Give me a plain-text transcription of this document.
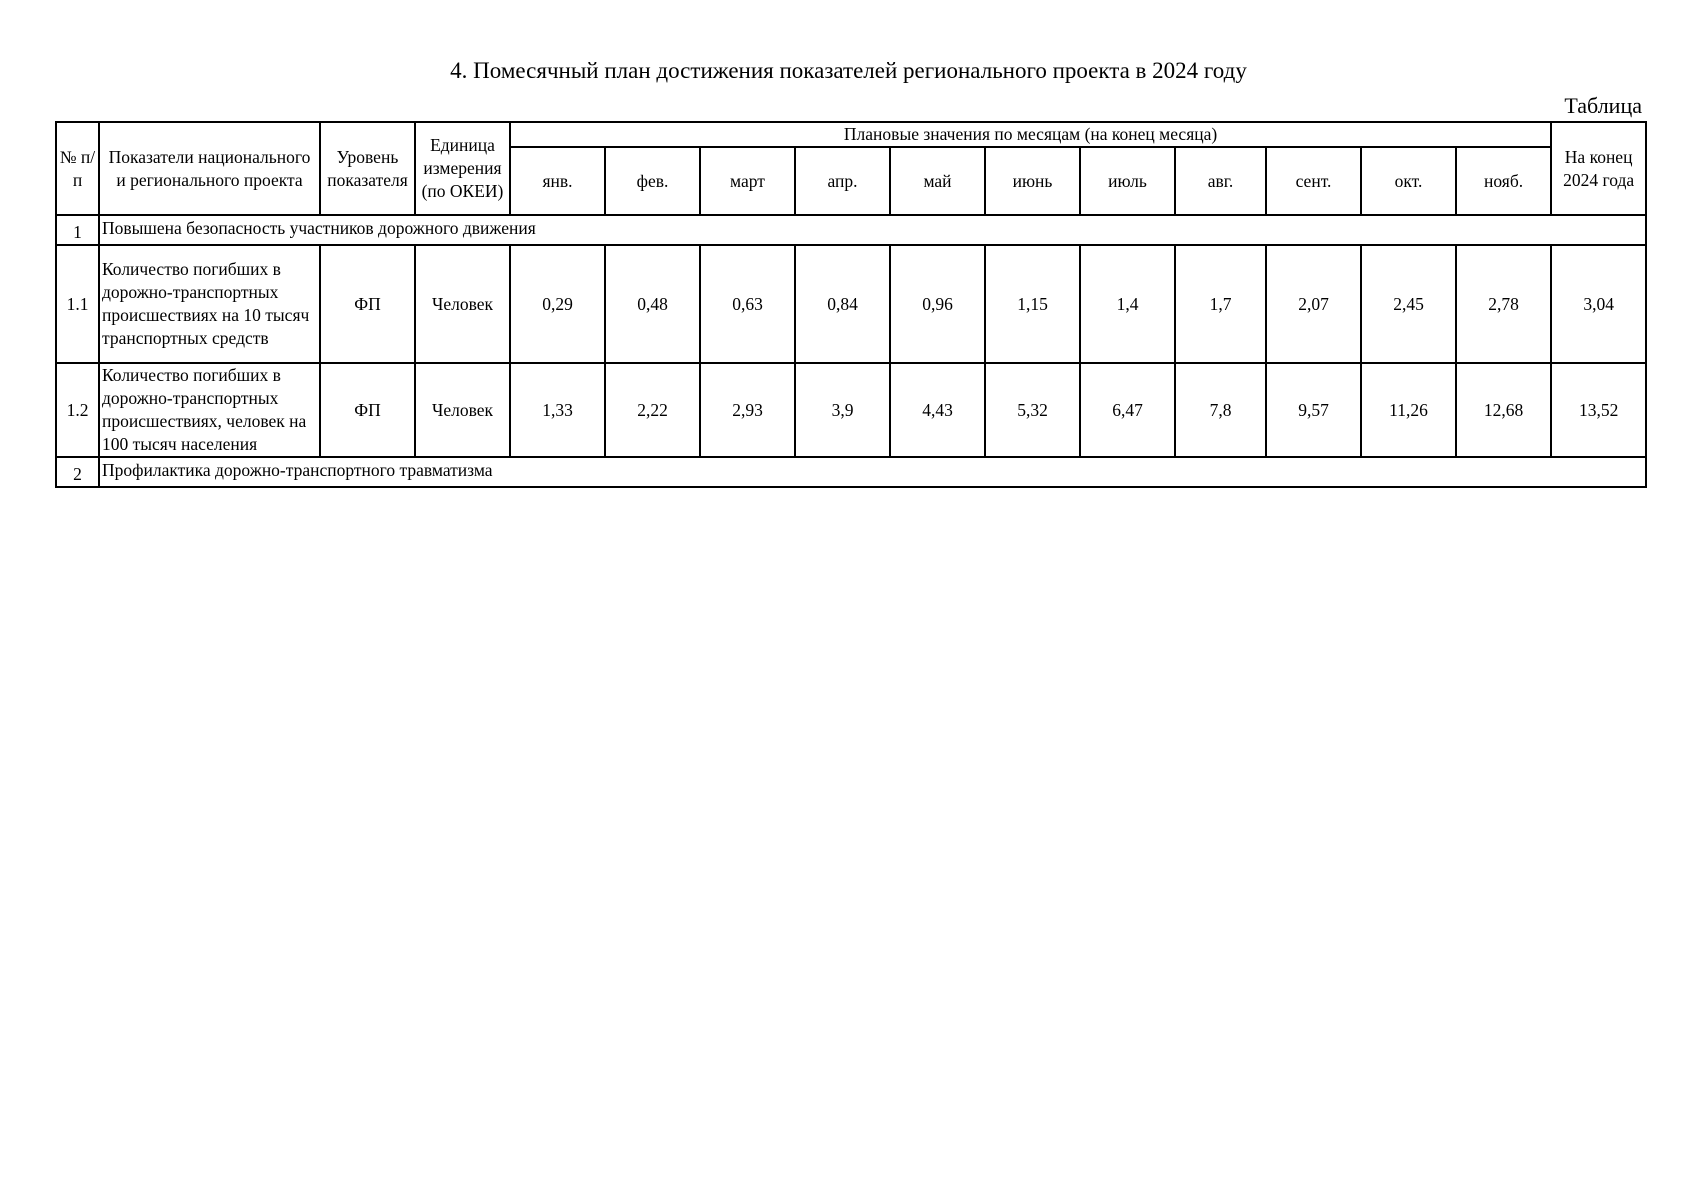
4. Помесячный план достижения показателей регионального проекта в 2024 году
Таблица
№ п/п	Показатели национального и регионального проекта	Уровень показателя	Единица измерения (по ОКЕИ)	Плановые значения по месяцам (на конец месяца)											На конец 2024 года
				янв.	фев.	март	апр.	май	июнь	июль	авг.	сент.	окт.	нояб.	
1	Повышена безопасность участников дорожного движения														
1.1	Количество погибших в дорожно-транспортных происшествиях на 10 тысяч транспортных средств	ФП	Человек	0,29	0,48	0,63	0,84	0,96	1,15	1,4	1,7	2,07	2,45	2,78	3,04
1.2	Количество погибших в дорожно-транспортных происшествиях, человек на 100 тысяч населения	ФП	Человек	1,33	2,22	2,93	3,9	4,43	5,32	6,47	7,8	9,57	11,26	12,68	13,52
2	Профилактика дорожно-транспортного травматизма														
